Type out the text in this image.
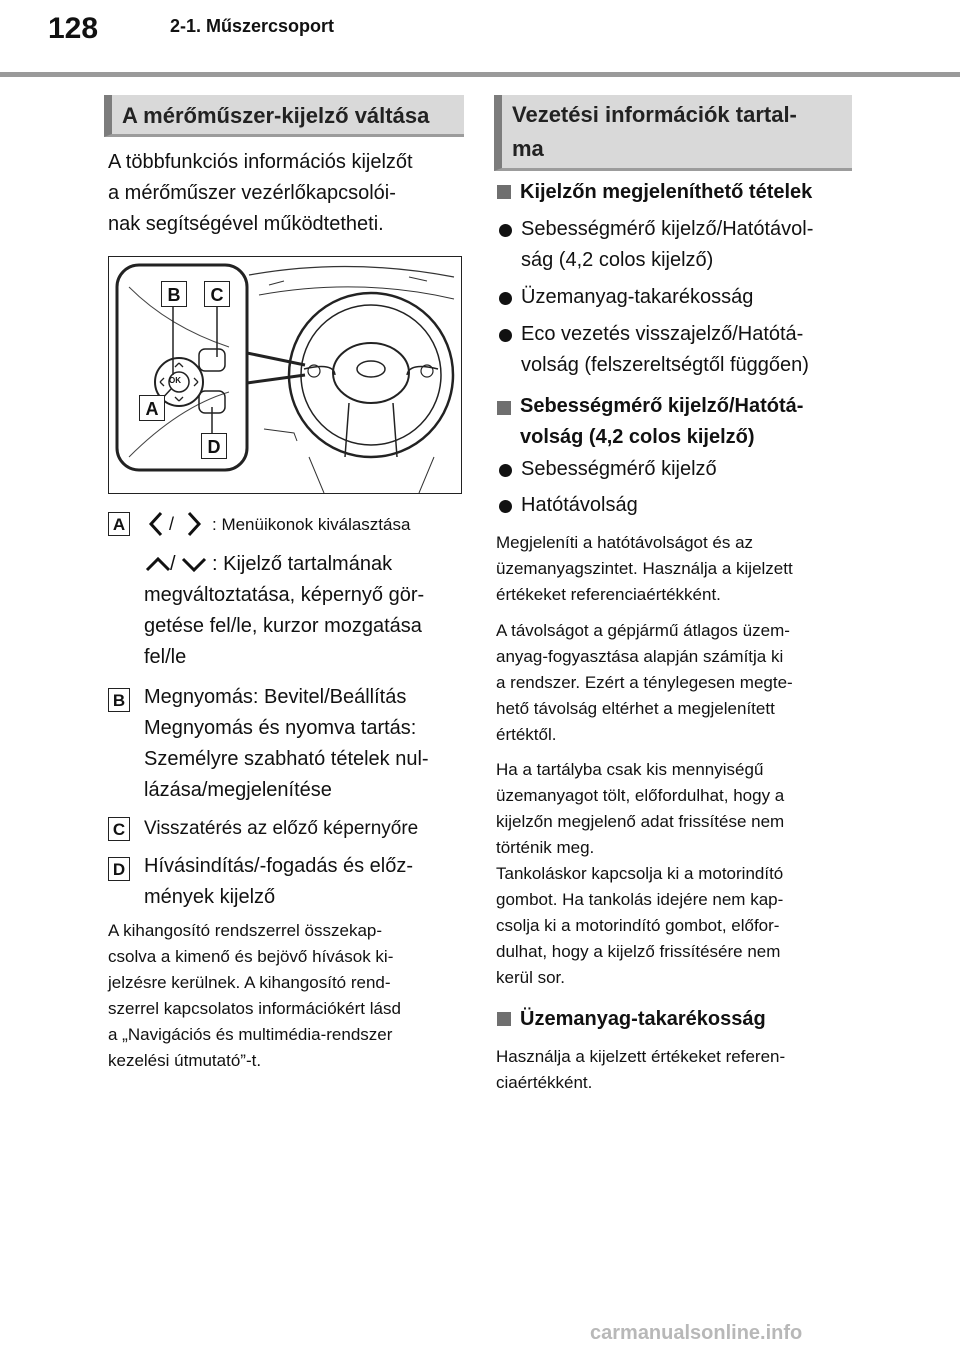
128	2-1. Műszercsoport
A mérőműszer-kijelző váltása
A többfunkciós információs kijelzőt
a mérőműszer vezérlőkapcsolói-
nak segítségével működtetheti.
OK
B	C
A
D
A / : Menüikonok kiválasztása
/ : Kijelző tartalmának
megváltoztatása, képernyő gör-
getése fel/le, kurzor mozgatása
fel/le
B Megnyomás: Bevitel/Beállítás
Megnyomás és nyomva tartás:
Személyre szabható tételek nul-
lázása/megjelenítése
C Visszatérés az előző képernyőre
D Hívásindítás/-fogadás és előz-
mények kijelző
A kihangosító rendszerrel összekap-
csolva a kimenő és bejövő hívások ki-
jelzésre kerülnek. A kihangosító rend-
szerrel kapcsolatos információkért lásd
a „Navigációs és multimédia-rendszer
kezelési útmutató”-t.
Vezetési információk tartal-
ma
Kijelzőn megjeleníthető tételek
Sebességmérő kijelző/Hatótávol-
ság (4,2 colos kijelző)
Üzemanyag-takarékosság
Eco vezetés visszajelző/Hatótá-
volság (felszereltségtől függően)
Sebességmérő kijelző/Hatótá-
volság (4,2 colos kijelző)
Sebességmérő kijelző
Hatótávolság
Megjeleníti a hatótávolságot és az
üzemanyagszintet. Használja a kijelzett
értékeket referenciaértékként.
A távolságot a gépjármű átlagos üzem-
anyag-fogyasztása alapján számítja ki
a rendszer. Ezért a ténylegesen megte-
hető távolság eltérhet a megjelenített
értéktől.
Ha a tartályba csak kis mennyiségű
üzemanyagot tölt, előfordulhat, hogy a
kijelzőn megjelenő adat frissítése nem
történik meg.
Tankoláskor kapcsolja ki a motorindító
gombot. Ha tankolás idejére nem kap-
csolja ki a motorindító gombot, előfor-
dulhat, hogy a kijelző frissítésére nem
kerül sor.
Üzemanyag-takarékosság
Használja a kijelzett értékeket referen-
ciaértékként.
carmanualsonline.info
